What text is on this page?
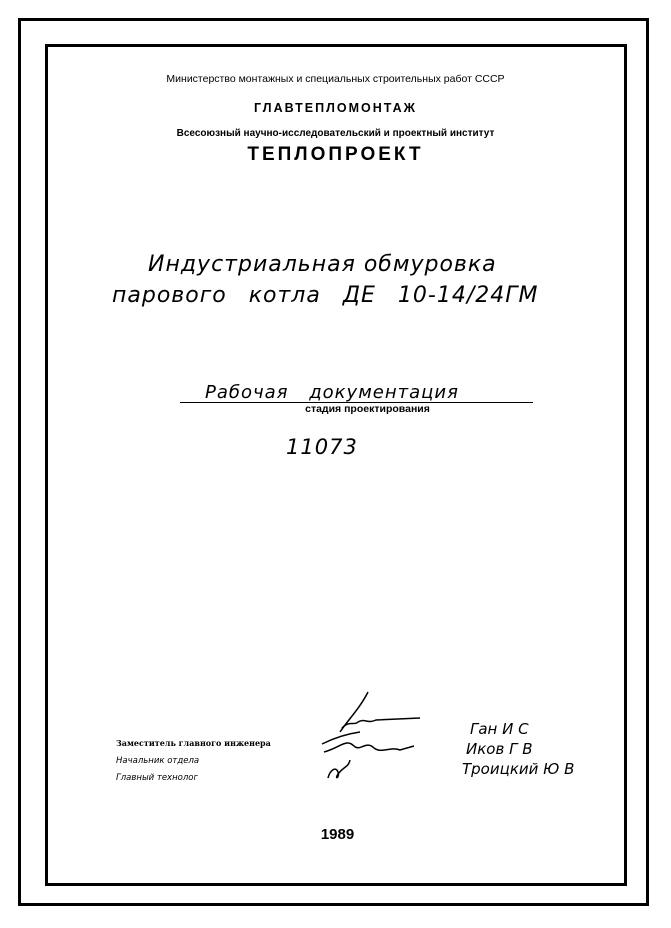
Министерство монтажных и специальных строительных работ СССР
ГЛАВТЕПЛОМОНТАЖ
Всесоюзный научно-исследовательский и проектный институт
ТЕПЛОПРОЕКТ
Индустриальная обмуровка
парового котла ДЕ 10-14/24ГМ
Рабочая документация
стадия проектирования
11073
Заместитель главного инженера
Начальник отдела
Главный технолог
Ган И С
Иков Г В
Троицкий Ю В
1989
